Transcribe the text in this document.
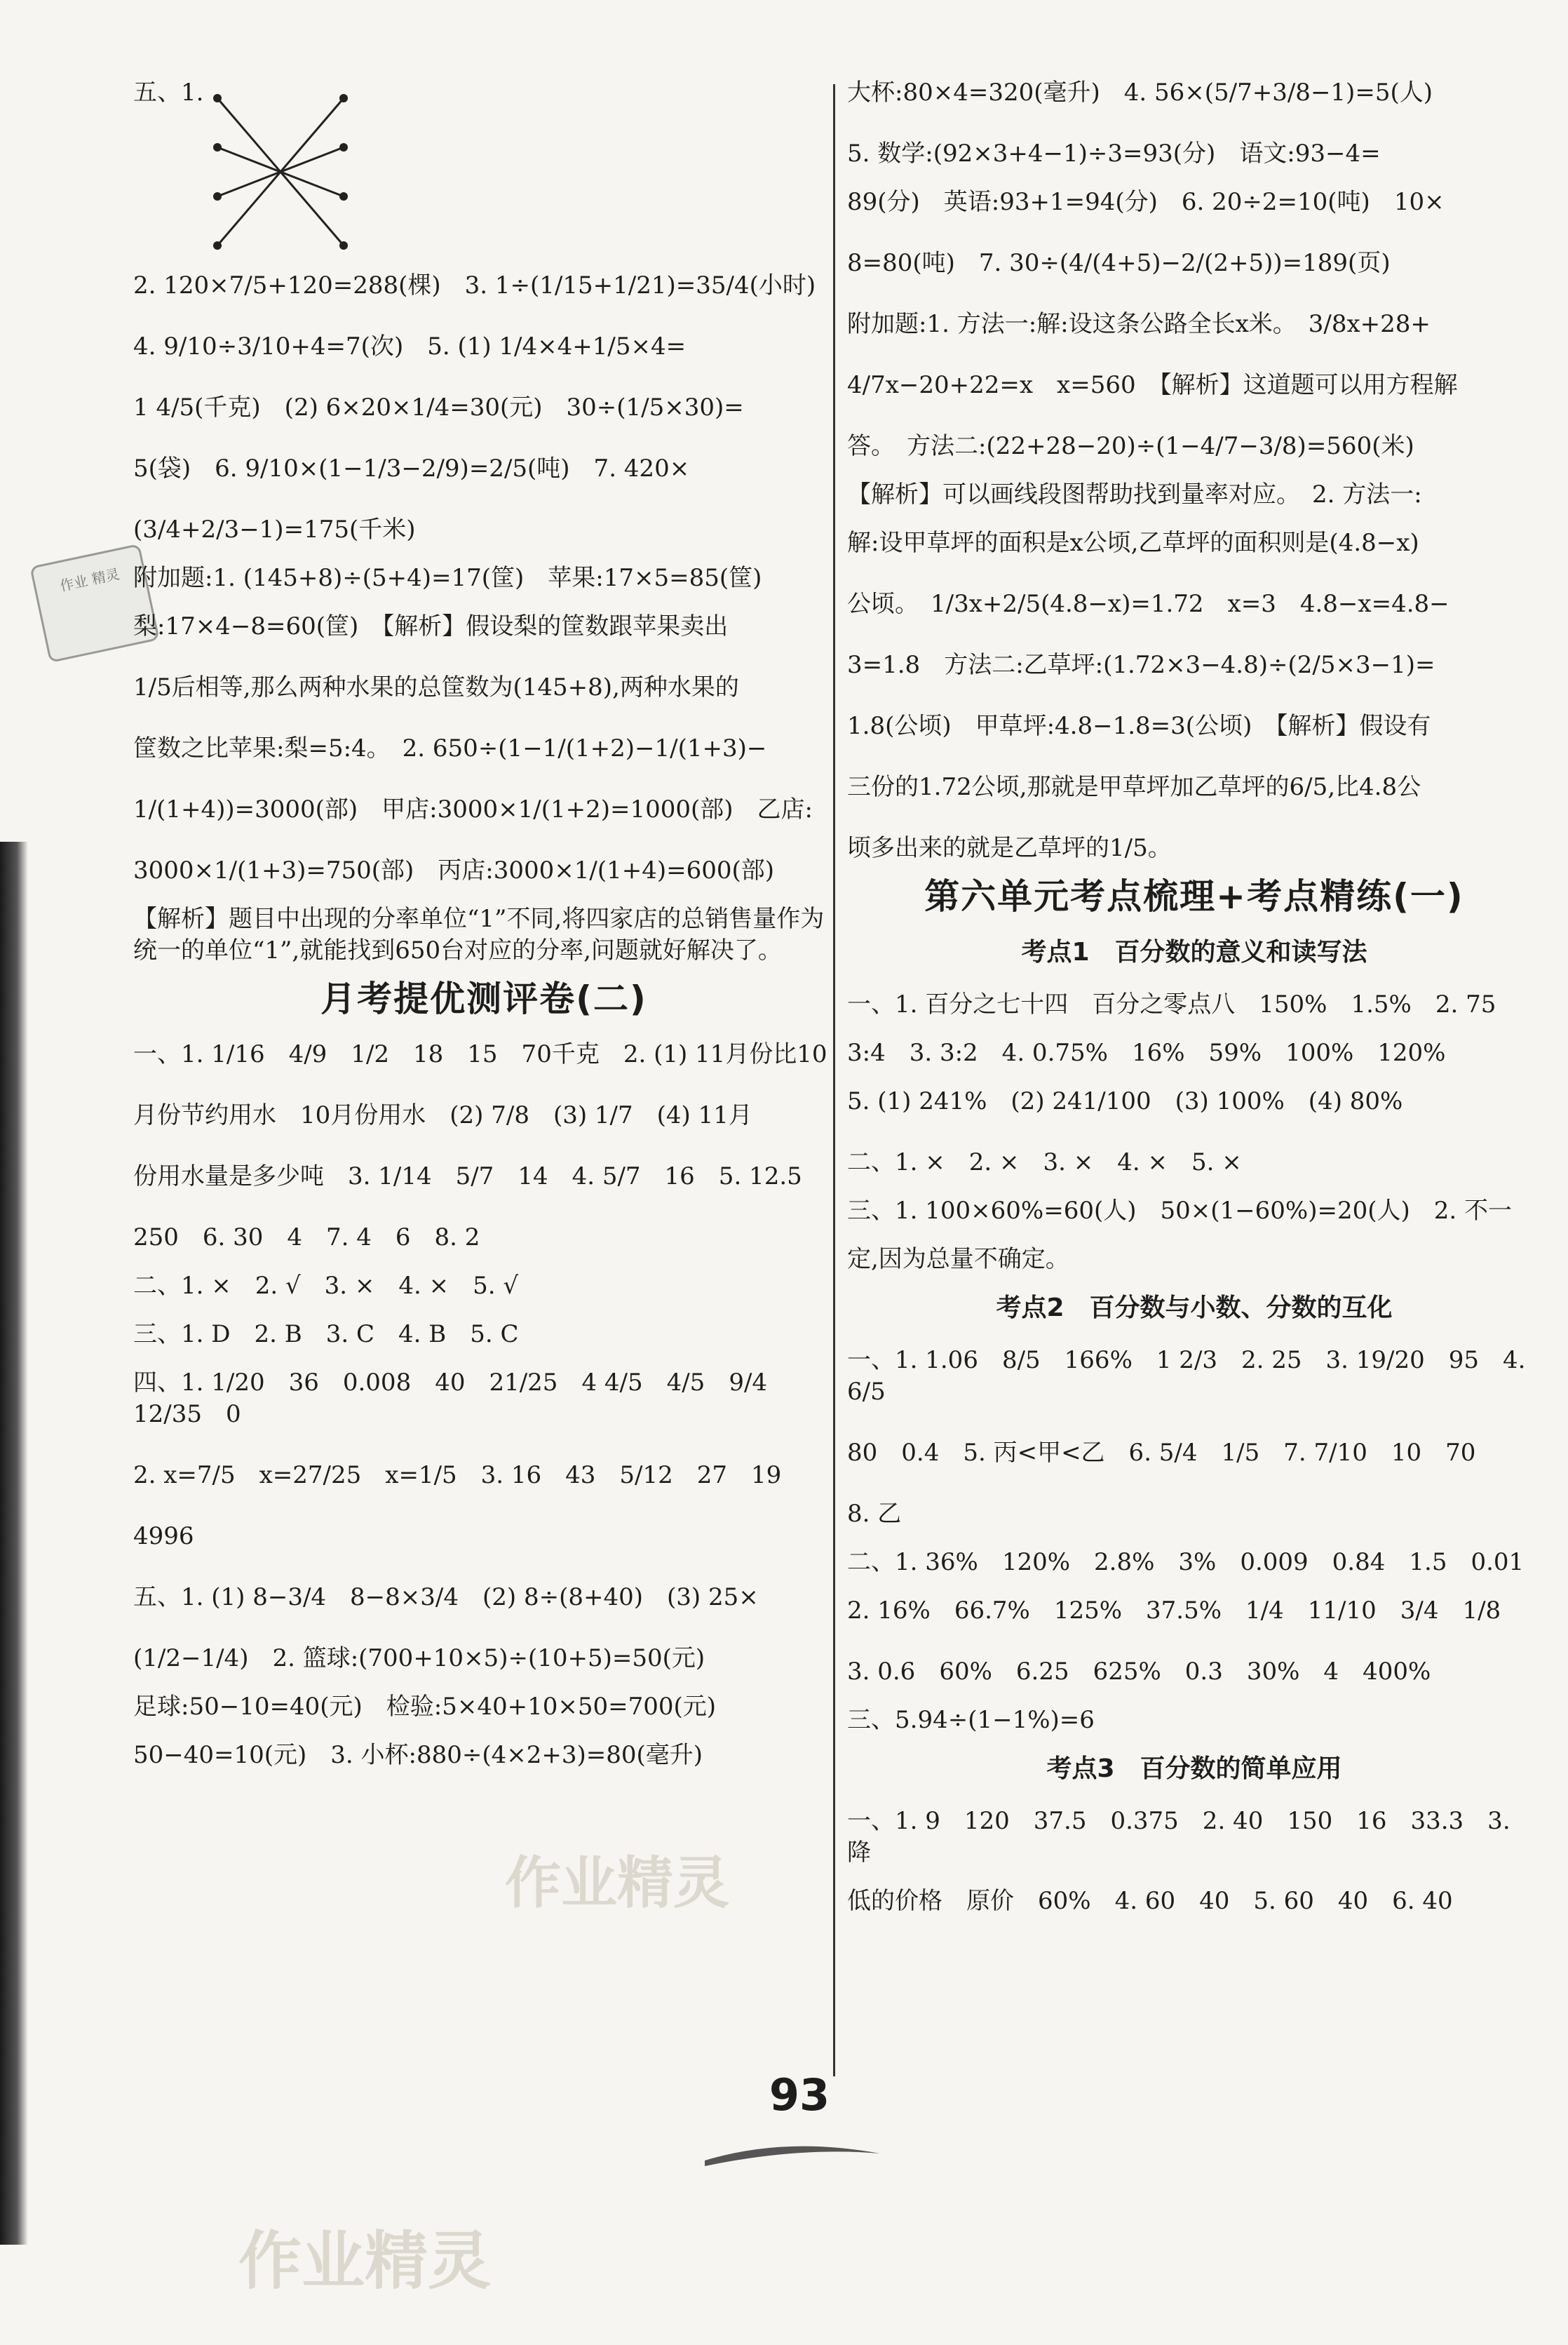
作业 精灵
五、1.
2. 120×7/5+120=288(棵)　3. 1÷(1/15+1/21)=35/4(小时)
4. 9/10÷3/10+4=7(次)　5. (1) 1/4×4+1/5×4=
1 4/5(千克)　(2) 6×20×1/4=30(元)　30÷(1/5×30)=
5(袋)　6. 9/10×(1−1/3−2/9)=2/5(吨)　7. 420×
(3/4+2/3−1)=175(千米)
附加题:1. (145+8)÷(5+4)=17(筐)　苹果:17×5=85(筐)
梨:17×4−8=60(筐)　【解析】假设梨的筐数跟苹果卖出
1/5后相等,那么两种水果的总筐数为(145+8),两种水果的
筐数之比苹果:梨=5:4。　2. 650÷(1−1/(1+2)−1/(1+3)−
1/(1+4))=3000(部)　甲店:3000×1/(1+2)=1000(部)　乙店:
3000×1/(1+3)=750(部)　丙店:3000×1/(1+4)=600(部)
【解析】题目中出现的分率单位“1”不同,将四家店的总销售量作为统一的单位“1”,就能找到650台对应的分率,问题就好解决了。
月考提优测评卷(二)
一、1. 1/16　4/9　1/2　18　15　70千克　2. (1) 11月份比10
月份节约用水　10月份用水　(2) 7/8　(3) 1/7　(4) 11月
份用水量是多少吨　3. 1/14　5/7　14　4. 5/7　16　5. 12.5
250　6. 30　4　7. 4　6　8. 2
二、1. ×　2. √　3. ×　4. ×　5. √
三、1. D　2. B　3. C　4. B　5. C
四、1. 1/20　36　0.008　40　21/25　4 4/5　4/5　9/4　12/35　0
2. x=7/5　x=27/25　x=1/5　3. 16　43　5/12　27　19
4996
五、1. (1) 8−3/4　8−8×3/4　(2) 8÷(8+40)　(3) 25×
(1/2−1/4)　2. 篮球:(700+10×5)÷(10+5)=50(元)
足球:50−10=40(元)　检验:5×40+10×50=700(元)
50−40=10(元)　3. 小杯:880÷(4×2+3)=80(毫升)
大杯:80×4=320(毫升)　4. 56×(5/7+3/8−1)=5(人)
5. 数学:(92×3+4−1)÷3=93(分)　语文:93−4=
89(分)　英语:93+1=94(分)　6. 20÷2=10(吨)　10×
8=80(吨)　7. 30÷(4/(4+5)−2/(2+5))=189(页)
附加题:1. 方法一:解:设这条公路全长x米。　3/8x+28+
4/7x−20+22=x　x=560　【解析】这道题可以用方程解
答。　方法二:(22+28−20)÷(1−4/7−3/8)=560(米)
【解析】可以画线段图帮助找到量率对应。　2. 方法一:
解:设甲草坪的面积是x公顷,乙草坪的面积则是(4.8−x)
公顷。　1/3x+2/5(4.8−x)=1.72　x=3　4.8−x=4.8−
3=1.8　方法二:乙草坪:(1.72×3−4.8)÷(2/5×3−1)=
1.8(公顷)　甲草坪:4.8−1.8=3(公顷)　【解析】假设有
三份的1.72公顷,那就是甲草坪加乙草坪的6/5,比4.8公
顷多出来的就是乙草坪的1/5。
第六单元考点梳理+考点精练(一)
考点1　百分数的意义和读写法
一、1. 百分之七十四　百分之零点八　150%　1.5%　2. 75
3:4　3. 3:2　4. 0.75%　16%　59%　100%　120%
5. (1) 241%　(2) 241/100　(3) 100%　(4) 80%
二、1. ×　2. ×　3. ×　4. ×　5. ×
三、1. 100×60%=60(人)　50×(1−60%)=20(人)　2. 不一
定,因为总量不确定。
考点2　百分数与小数、分数的互化
一、1. 1.06　8/5　166%　1 2/3　2. 25　3. 19/20　95　4. 6/5
80　0.4　5. 丙<甲<乙　6. 5/4　1/5　7. 7/10　10　70
8. 乙
二、1. 36%　120%　2.8%　3%　0.009　0.84　1.5　0.01
2. 16%　66.7%　125%　37.5%　1/4　11/10　3/4　1/8
3. 0.6　60%　6.25　625%　0.3　30%　4　400%
三、5.94÷(1−1%)=6
考点3　百分数的简单应用
一、1. 9　120　37.5　0.375　2. 40　150　16　33.3　3. 降
低的价格　原价　60%　4. 60　40　5. 60　40　6. 40
93
作业精灵
作业精灵
